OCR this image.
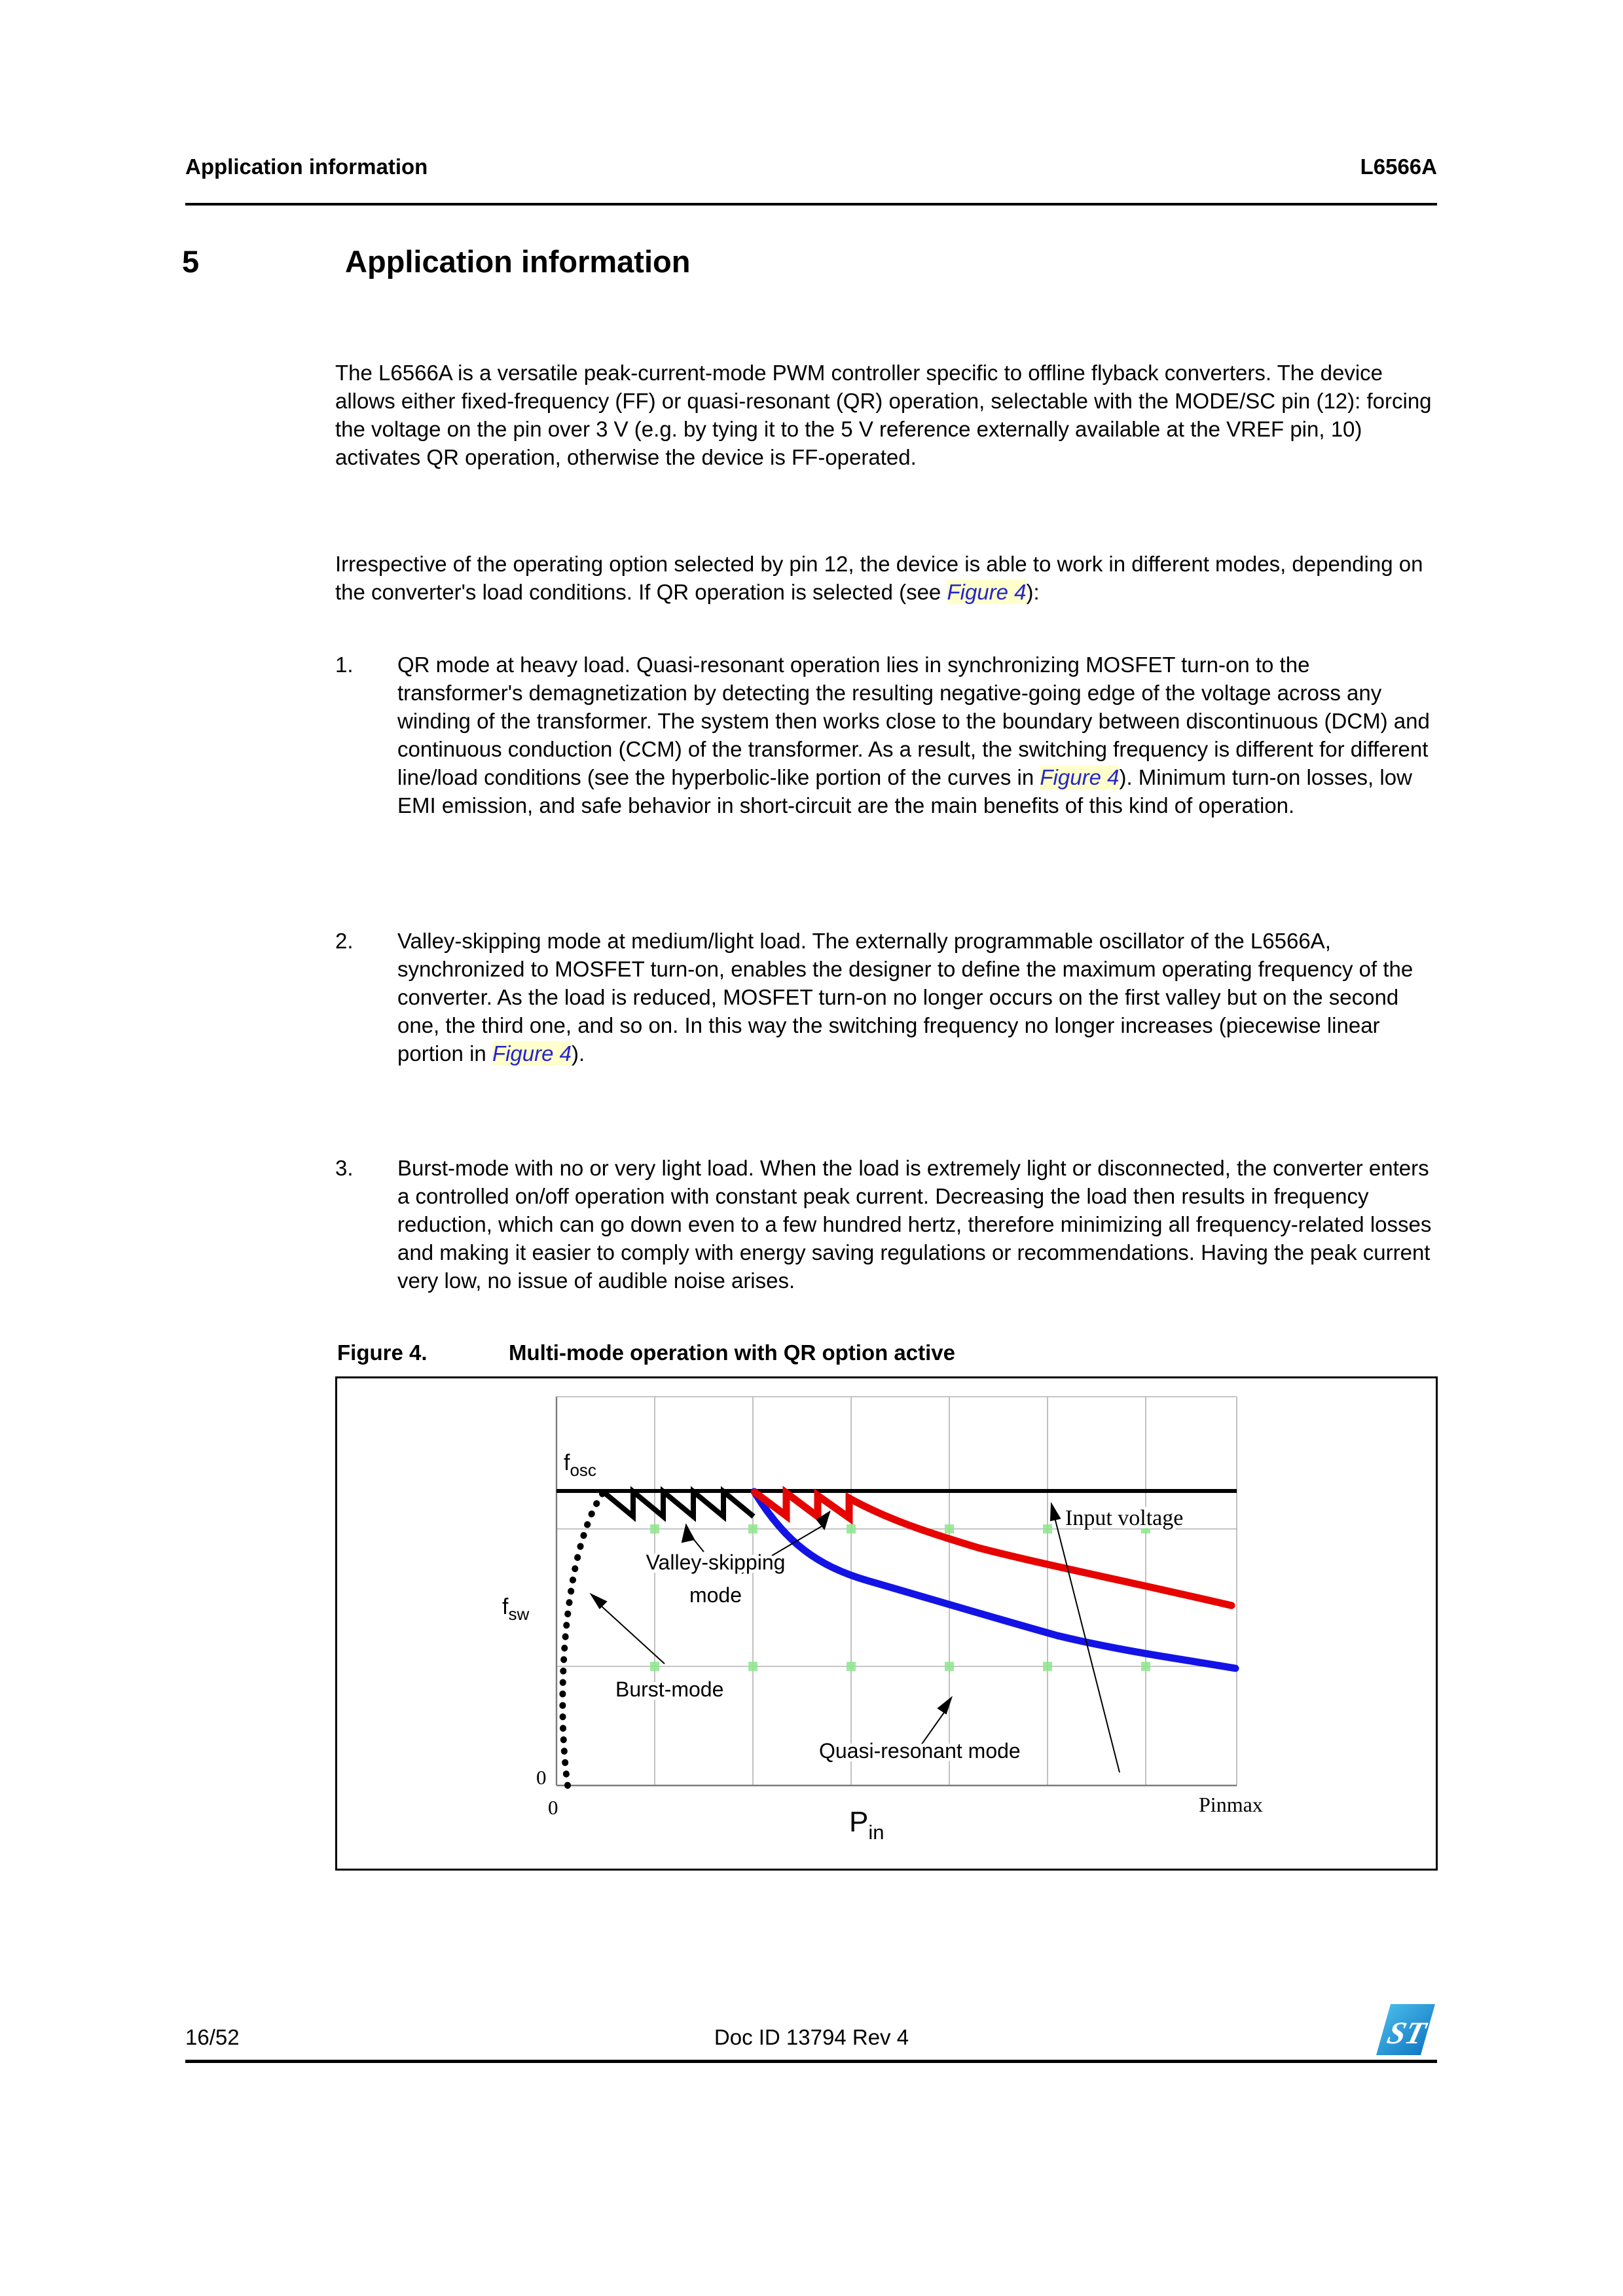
Application information	L6566A
5	Application information
The L6566A is a versatile peak-current-mode PWM controller specific to offline flyback converters. The device allows either fixed-frequency (FF) or quasi-resonant (QR) operation, selectable with the MODE/SC pin (12): forcing the voltage on the pin over 3 V (e.g. by tying it to the 5 V reference externally available at the VREF pin, 10) activates QR operation, otherwise the device is FF-operated.
Irrespective of the operating option selected by pin 12, the device is able to work in different modes, depending on the converter's load conditions. If QR operation is selected (see Figure 4):
1. QR mode at heavy load. Quasi-resonant operation lies in synchronizing MOSFET turn-on to the transformer's demagnetization by detecting the resulting negative-going edge of the voltage across any winding of the transformer. The system then works close to the boundary between discontinuous (DCM) and continuous conduction (CCM) of the transformer. As a result, the switching frequency is different for different line/load conditions (see the hyperbolic-like portion of the curves in Figure 4). Minimum turn-on losses, low EMI emission, and safe behavior in short-circuit are the main benefits of this kind of operation.
2. Valley-skipping mode at medium/light load. The externally programmable oscillator of the L6566A, synchronized to MOSFET turn-on, enables the designer to define the maximum operating frequency of the converter. As the load is reduced, MOSFET turn-on no longer occurs on the first valley but on the second one, the third one, and so on. In this way the switching frequency no longer increases (piecewise linear portion in Figure 4).
3. Burst-mode with no or very light load. When the load is extremely light or disconnected, the converter enters a controlled on/off operation with constant peak current. Decreasing the load then results in frequency reduction, which can go down even to a few hundred hertz, therefore minimizing all frequency-related losses and making it easier to comply with energy saving regulations or recommendations. Having the peak current very low, no issue of audible noise arises.
Figure 4.	Multi-mode operation with QR option active
$f_{osc}$
$f_{sw}$
0
0	$P_{in}$
Pinmax
Valley-skipping
mode
Burst-mode
Quasi-resonant mode
Input voltage
16/52	Doc ID 13794 Rev 4	ST
